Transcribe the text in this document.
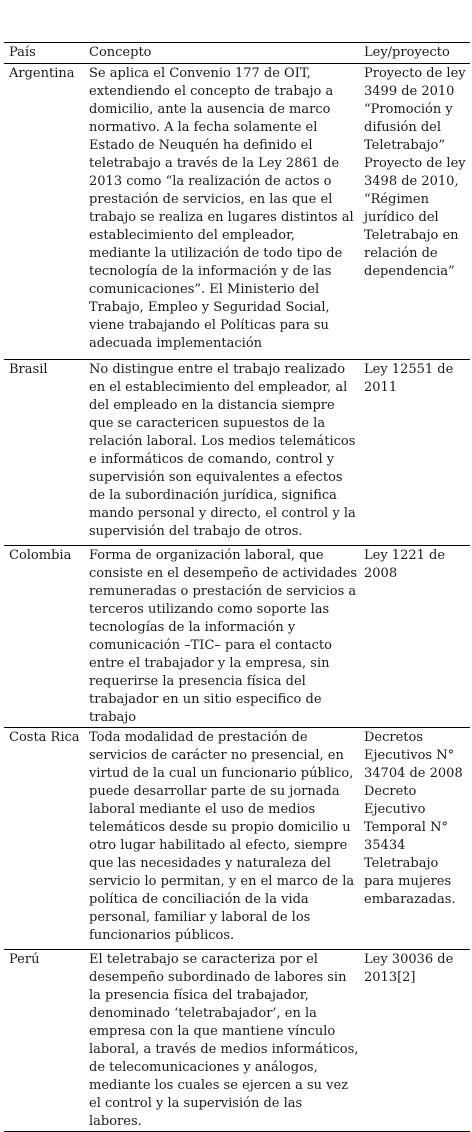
País	Concepto	Ley/proyecto
Argentina	Se aplica el Convenio 177 de OIT, extendiendo el concepto de trabajo a domicilio, ante la ausencia de marco normativo. A la fecha solamente el Estado de Neuquén ha definido el teletrabajo a través de la Ley 2861 de 2013 como “la realización de actos o prestación de servicios, en las que el trabajo se realiza en lugares distintos al establecimiento del empleador, mediante la utilización de todo tipo de tecnología de la información y de las comunicaciones”. El Ministerio del Trabajo, Empleo y Seguridad Social, viene trabajando el Políticas para su adecuada implementación	Proyecto de ley 3499 de 2010 “Promoción y difusión del Teletrabajo” Proyecto de ley 3498 de 2010, “Régimen jurídico del Teletrabajo en relación de dependencia”
Brasil	No distingue entre el trabajo realizado en el establecimiento del empleador, al del empleado en la distancia siempre que se caractericen supuestos de la relación laboral. Los medios telemáticos e informáticos de comando, control y supervisión son equivalentes a efectos de la subordinación jurídica, significa mando personal y directo, el control y la supervisión del trabajo de otros.	Ley 12551 de 2011
Colombia	Forma de organización laboral, que consiste en el desempeño de actividades remuneradas o prestación de servicios a terceros utilizando como soporte las tecnologías de la información y comunicación –TIC– para el contacto entre el trabajador y la empresa, sin requerirse la presencia física del trabajador en un sitio especifico de trabajo	Ley 1221 de 2008
Costa Rica	Toda modalidad de prestación de servicios de carácter no presencial, en virtud de la cual un funcionario público, puede desarrollar parte de su jornada laboral mediante el uso de medios telemáticos desde su propio domicilio u otro lugar habilitado al efecto, siempre que las necesidades y naturaleza del servicio lo permitan, y en el marco de la política de conciliación de la vida personal, familiar y laboral de los funcionarios públicos.	Decretos Ejecutivos N° 34704 de 2008 Decreto Ejecutivo Temporal N° 35434 Teletrabajo para mujeres embarazadas.
Perú	El teletrabajo se caracteriza por el desempeño subordinado de labores sin la presencia física del trabajador, denominado ‘teletrabajador’, en la empresa con la que mantiene vínculo laboral, a través de medios informáticos, de telecomunicaciones y análogos, mediante los cuales se ejercen a su vez el control y la supervisión de las labores.	Ley 30036 de 2013[2]
